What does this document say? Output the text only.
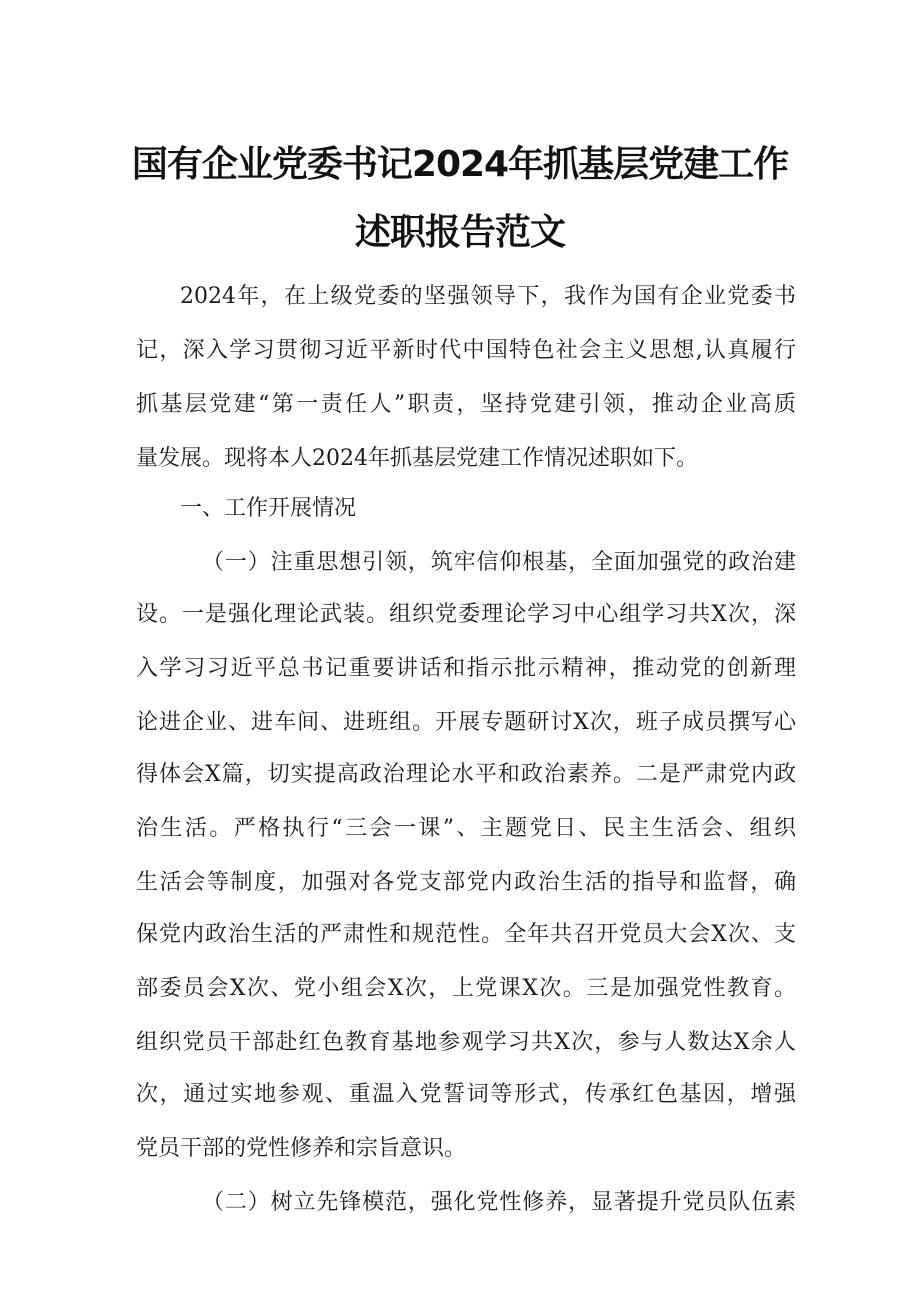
国有企业党委书记2024年抓基层党建工作
述职报告范文
2024年，在上级党委的坚强领导下，我作为国有企业党委书
记，深入学习贯彻习近平新时代中国特色社会主义思想,认真履行
抓基层党建“第一责任人”职责，坚持党建引领，推动企业高质
量发展。现将本人2024年抓基层党建工作情况述职如下。
一、工作开展情况
（一）注重思想引领，筑牢信仰根基，全面加强党的政治建
设。一是强化理论武装。组织党委理论学习中心组学习共X次，深
入学习习近平总书记重要讲话和指示批示精神，推动党的创新理
论进企业、进车间、进班组。开展专题研讨X次，班子成员撰写心
得体会X篇，切实提高政治理论水平和政治素养。二是严肃党内政
治生活。严格执行“三会一课”、主题党日、民主生活会、组织
生活会等制度，加强对各党支部党内政治生活的指导和监督，确
保党内政治生活的严肃性和规范性。全年共召开党员大会X次、支
部委员会X次、党小组会X次，上党课X次。三是加强党性教育。
组织党员干部赴红色教育基地参观学习共X次，参与人数达X余人
次，通过实地参观、重温入党誓词等形式，传承红色基因，增强
党员干部的党性修养和宗旨意识。
（二）树立先锋模范，强化党性修养，显著提升党员队伍素
